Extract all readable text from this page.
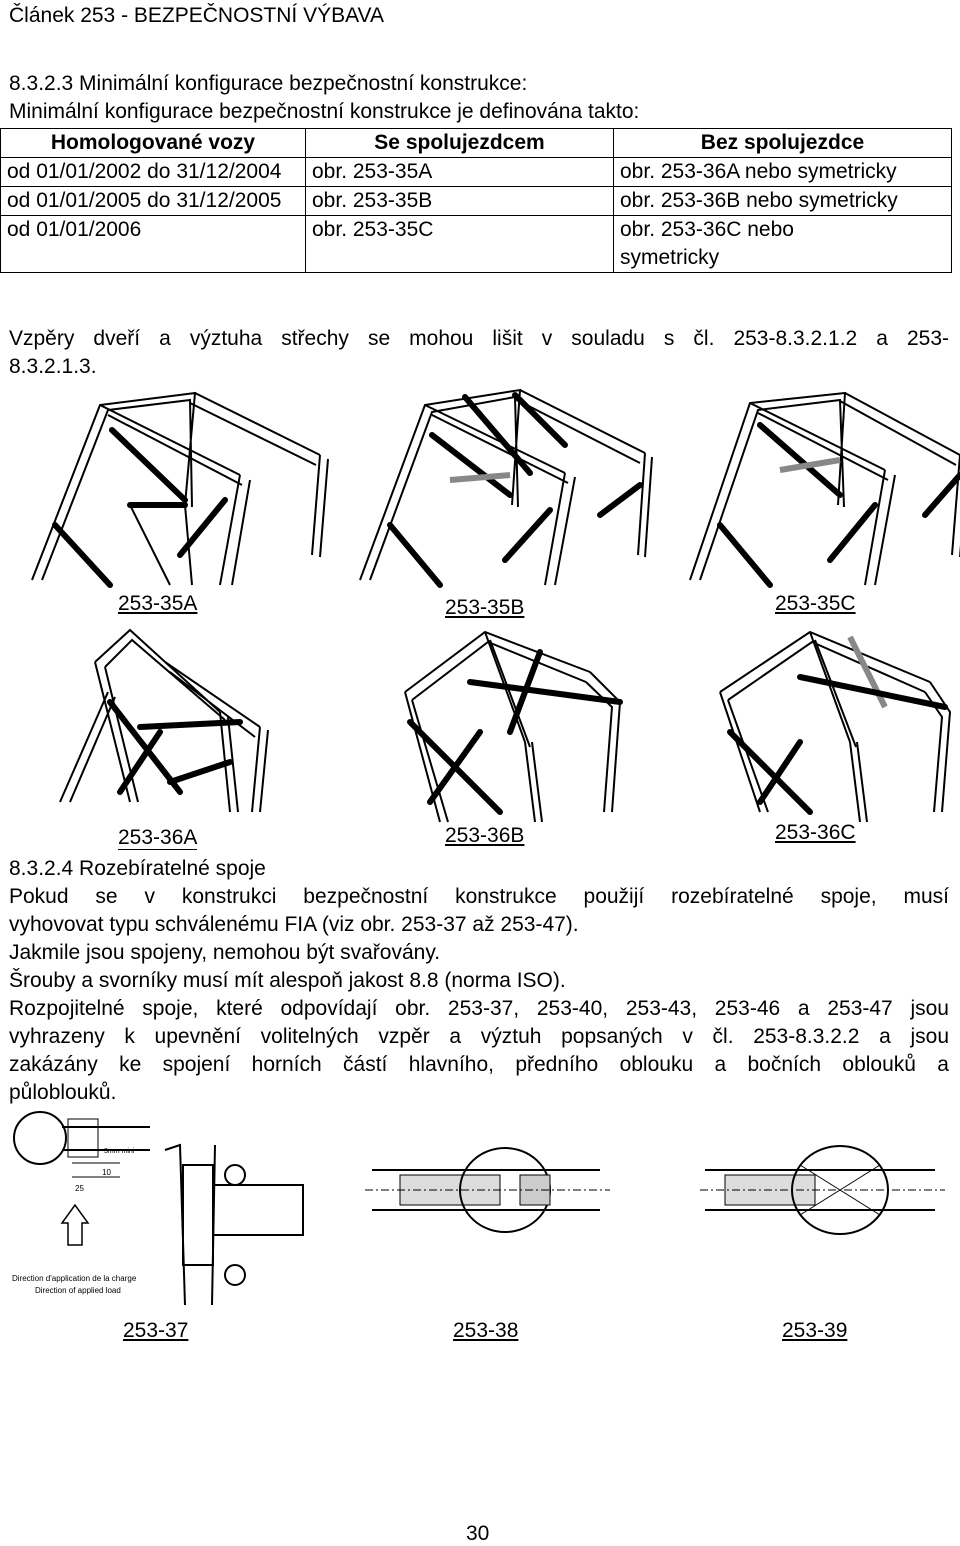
Článek 253 - BEZPEČNOSTNÍ VÝBAVA
8.3.2.3 Minimální konfigurace bezpečnostní konstrukce:
Minimální konfigurace bezpečnostní konstrukce je definována takto:
Homologované vozy	Se spolujezdcem	Bez spolujezdce
od 01/01/2002 do 31/12/2004	obr. 253-35A	obr. 253-36A nebo symetricky
od 01/01/2005 do 31/12/2005	obr. 253-35B	obr. 253-36B nebo symetricky
od 01/01/2006	obr. 253-35C	obr. 253-36C nebo symetricky
Vzpěry dveří a výztuha střechy se mohou lišit v souladu s čl. 253-8.3.2.1.2 a 253-
8.3.2.1.3.
253-35A	253-35B	253-35C
253-36A	253-36B	253-36C
8.3.2.4 Rozebíratelné spoje
Pokud se v konstrukci bezpečnostní konstrukce použijí rozebíratelné spoje, musí
vyhovovat typu schválenému FIA (viz obr. 253-37 až 253-47).
Jakmile jsou spojeny, nemohou být svařovány.
Šrouby a svorníky musí mít alespoň jakost 8.8 (norma ISO).
Rozpojitelné spoje, které odpovídají obr. 253-37, 253-40, 253-43, 253-46 a 253-47 jsou
vyhrazeny k upevnění volitelných vzpěr a výztuh popsaných v čl. 253-8.3.2.2 a jsou
zakázány ke spojení horních částí hlavního, předního oblouku a bočních oblouků a
půloblouků.
3mm mini
10
25
Direction d'application de la charge
Direction of applied load
253-37	253-38	253-39
30
